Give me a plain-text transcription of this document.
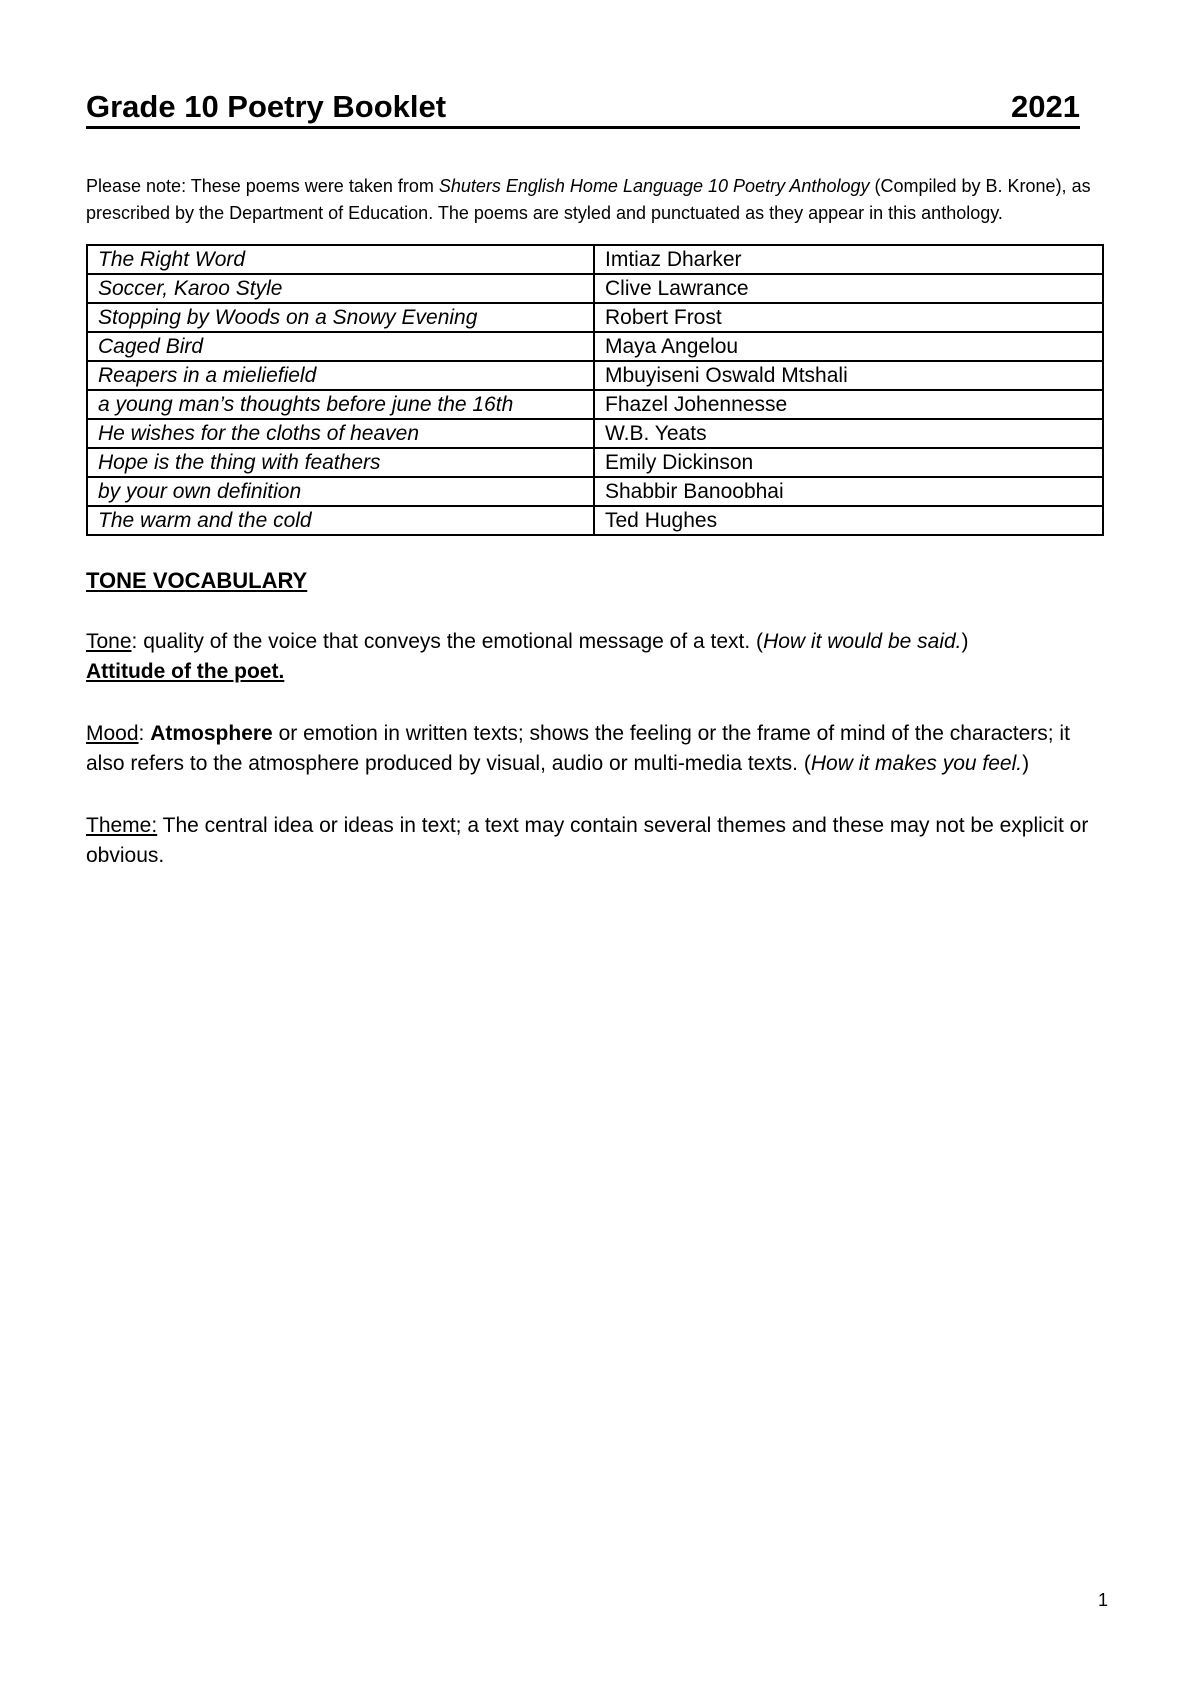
Grade 10 Poetry Booklet	2021
Please note: These poems were taken from Shuters English Home Language 10 Poetry Anthology (Compiled by B. Krone), as prescribed by the Department of Education. The poems are styled and punctuated as they appear in this anthology.
The Right Word	Imtiaz Dharker
Soccer, Karoo Style	Clive Lawrance
Stopping by Woods on a Snowy Evening	Robert Frost
Caged Bird	Maya Angelou
Reapers in a mieliefield	Mbuyiseni Oswald Mtshali
a young man’s thoughts before june the 16th	Fhazel Johennesse
He wishes for the cloths of heaven	W.B. Yeats
Hope is the thing with feathers	Emily Dickinson
by your own definition	Shabbir Banoobhai
The warm and the cold	Ted Hughes
TONE VOCABULARY
Tone: quality of the voice that conveys the emotional message of a text. (How it would be said.)
Attitude of the poet.
Mood: Atmosphere or emotion in written texts; shows the feeling or the frame of mind of the characters; it also refers to the atmosphere produced by visual, audio or multi-media texts. (How it makes you feel.)
Theme: The central idea or ideas in text; a text may contain several themes and these may not be explicit or obvious.
1
